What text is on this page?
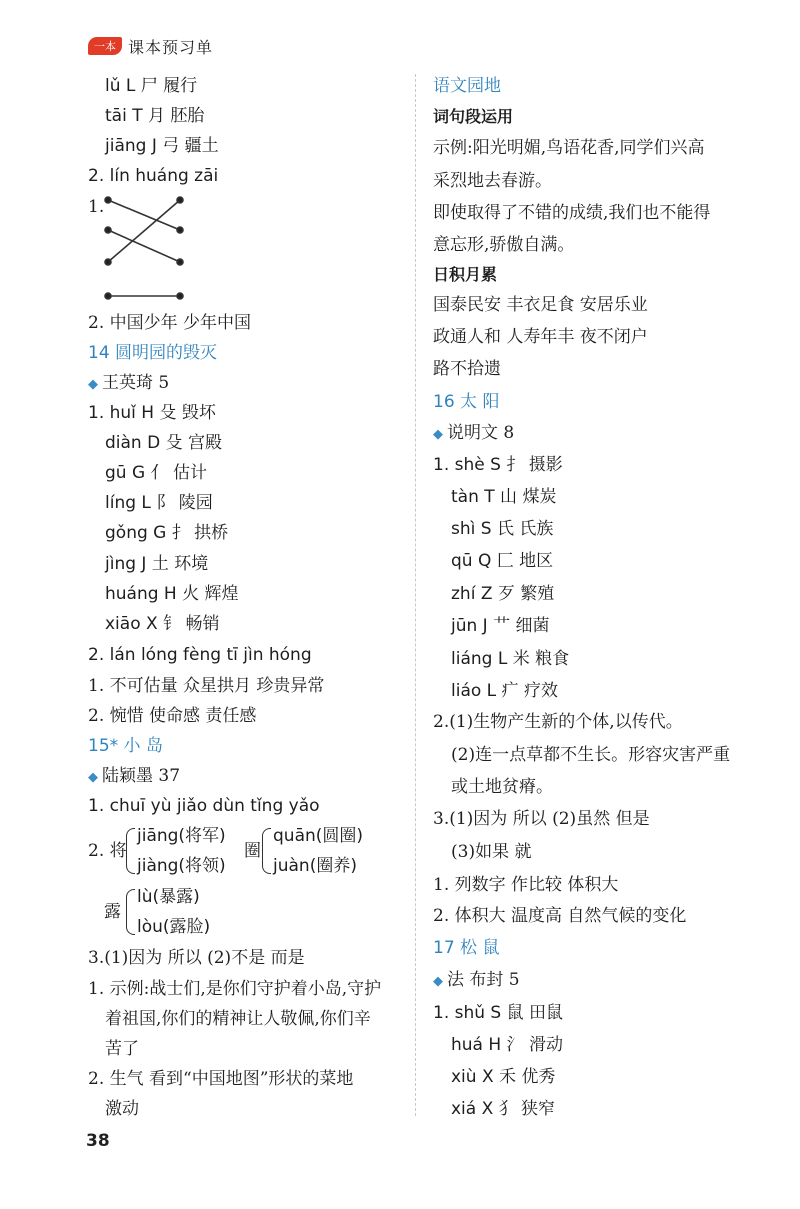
一本 课本预习单
lǔ L 尸 履行
tāi T 月 胚胎
jiāng J 弓 疆土
2. lín huáng zāi
1.
2. 中国少年 少年中国
14 圆明园的毁灭
◆ 王英琦 5
1. huǐ H 殳 毁坏
diàn D 殳 宫殿
gū G 亻 估计
líng L 阝 陵园
gǒng G 扌 拱桥
jìng J 土 环境
huáng H 火 辉煌
xiāo X 钅 畅销
2. lán lóng fèng tī jìn hóng
1. 不可估量 众星拱月 珍贵异常
2. 惋惜 使命感 责任感
15* 小 岛
◆ 陆颖墨 37
1. chuī yù jiǎo dùn tǐng yǎo
2. 将
jiāng(将军)
jiàng(将领)
圈
quān(圆圈)
juàn(圈养)
露
lù(暴露)
lòu(露脸)
3.(1)因为 所以 (2)不是 而是
1. 示例:战士们,是你们守护着小岛,守护
着祖国,你们的精神让人敬佩,你们辛
苦了
2. 生气 看到“中国地图”形状的菜地
激动
语文园地
词句段运用
示例:阳光明媚,鸟语花香,同学们兴高
采烈地去春游。
即使取得了不错的成绩,我们也不能得
意忘形,骄傲自满。
日积月累
国泰民安 丰衣足食 安居乐业
政通人和 人寿年丰 夜不闭户
路不拾遗
16 太 阳
◆ 说明文 8
1. shè S 扌 摄影
tàn T 山 煤炭
shì S 氏 氏族
qū Q 匚 地区
zhí Z 歹 繁殖
jūn J 艹 细菌
liáng L 米 粮食
liáo L 疒 疗效
2.(1)生物产生新的个体,以传代。
(2)连一点草都不生长。形容灾害严重
或土地贫瘠。
3.(1)因为 所以 (2)虽然 但是
(3)如果 就
1. 列数字 作比较 体积大
2. 体积大 温度高 自然气候的变化
17 松 鼠
◆ 法 布封 5
1. shǔ S 鼠 田鼠
huá H 氵 滑动
xiù X 禾 优秀
xiá X 犭 狭窄
38
